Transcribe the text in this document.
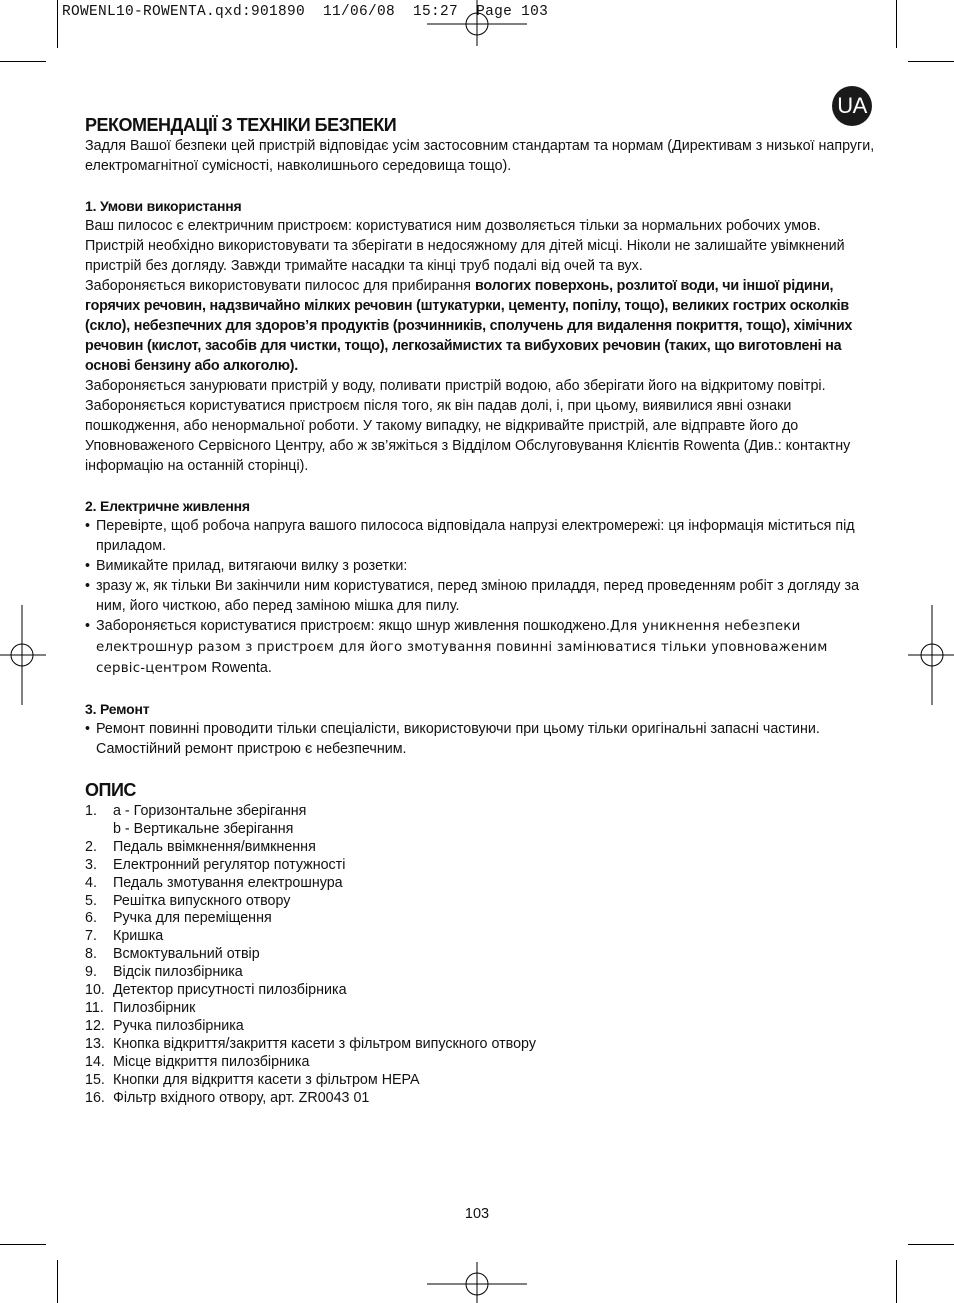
ROWENL10-ROWENTA.qxd:901890  11/06/08  15:27  Page 103
UA
РЕКОМЕНДАЦІЇ З ТЕХНІКИ БЕЗПЕКИ

Задля Вашої безпеки цей пристрій відповідає усім застосовним стандартам та нормам (Директивам з низької напруги, електромагнітної сумісності, навколишнього середовища тощо).

1. Умови використання

Ваш пилосос є електричним пристроєм: користуватися ним дозволяється тільки за нормальних робочих умов.

Пристрій необхідно використовувати та зберігати в недосяжному для дітей місці. Ніколи не залишайте увімкнений пристрій без догляду. Завжди тримайте насадки та кінці труб подалі від очей та вух.

Забороняється використовувати пилосос для прибирання вологих поверхонь, розлитої води, чи іншої рідини, горячих речовин, надзвичайно мілких речовин (штукатурки, цементу, попілу, тощо), великих гострих осколків (скло), небезпечних для здоров’я продуктів (розчинників, сполучень для видалення покриття, тощо), хімічних речовин (кислот, засобів для чистки, тощо), легкозаймистих та вибухових речовин (таких, що виготовлені на основі бензину або алкоголю).

Забороняється занурювати пристрій у воду, поливати пристрій водою, або зберігати його на відкритому повітрі.

Забороняється користуватися пристроєм після того, як він падав долі, і, при цьому, виявилися явні ознаки пошкодження, або ненормальної роботи. У такому випадку, не відкривайте пристрій, але відправте його до Уповноваженого Сервісного Центру, або ж зв’яжіться з Відділом Обслуговування Клієнтів Rowenta (Див.: контактну інформацію на останній сторінці).

2. Електричне живлення
• Перевірте, щоб робоча напруга вашого пилососа відповідала напрузі електромережі: ця інформація міститься під приладом.
• Вимикайте прилад, витягаючи вилку з розетки:
• зразу ж, як тільки Ви закінчили ним користуватися, перед зміною приладдя, перед проведенням робіт з догляду за ним, його чисткою, або перед заміною мішка для пилу.
• Забороняється користуватися пристроєм: якщо шнур живлення пошкоджено.Для уникнення небезпеки електрошнур разом з пристроєм для його змотування повинні замінюватися тільки уповноваженим сервіс-центром Rowenta.
3. Ремонт
• Ремонт повинні проводити тільки спеціалісти, використовуючи при цьому тільки оригінальні запасні частини. Самостійний ремонт пристрою є небезпечним.
ОПИС
1.	a - Горизонтальне зберігання
b - Вертикальне зберігання
2.	Педаль ввімкнення/вимкнення
3.	Електронний регулятор потужності
4.	Педаль змотування електрошнура
5.	Решітка випускного отвору
6.	Ручка для переміщення
7.	Кришка
8.	Всмоктувальний отвір
9.	Відсік пилозбірника
10. Детектор присутності пилозбірника
11. Пилозбірник
12. Ручка пилозбірника
13. Кнопка відкриття/закриття касети з фільтром випускного отвору
14. Місце відкриття пилозбірника
15. Кнопки для відкриття касети з фільтром HEPA
16. Фільтр вхідного отвору, арт. ZR0043 01
103
